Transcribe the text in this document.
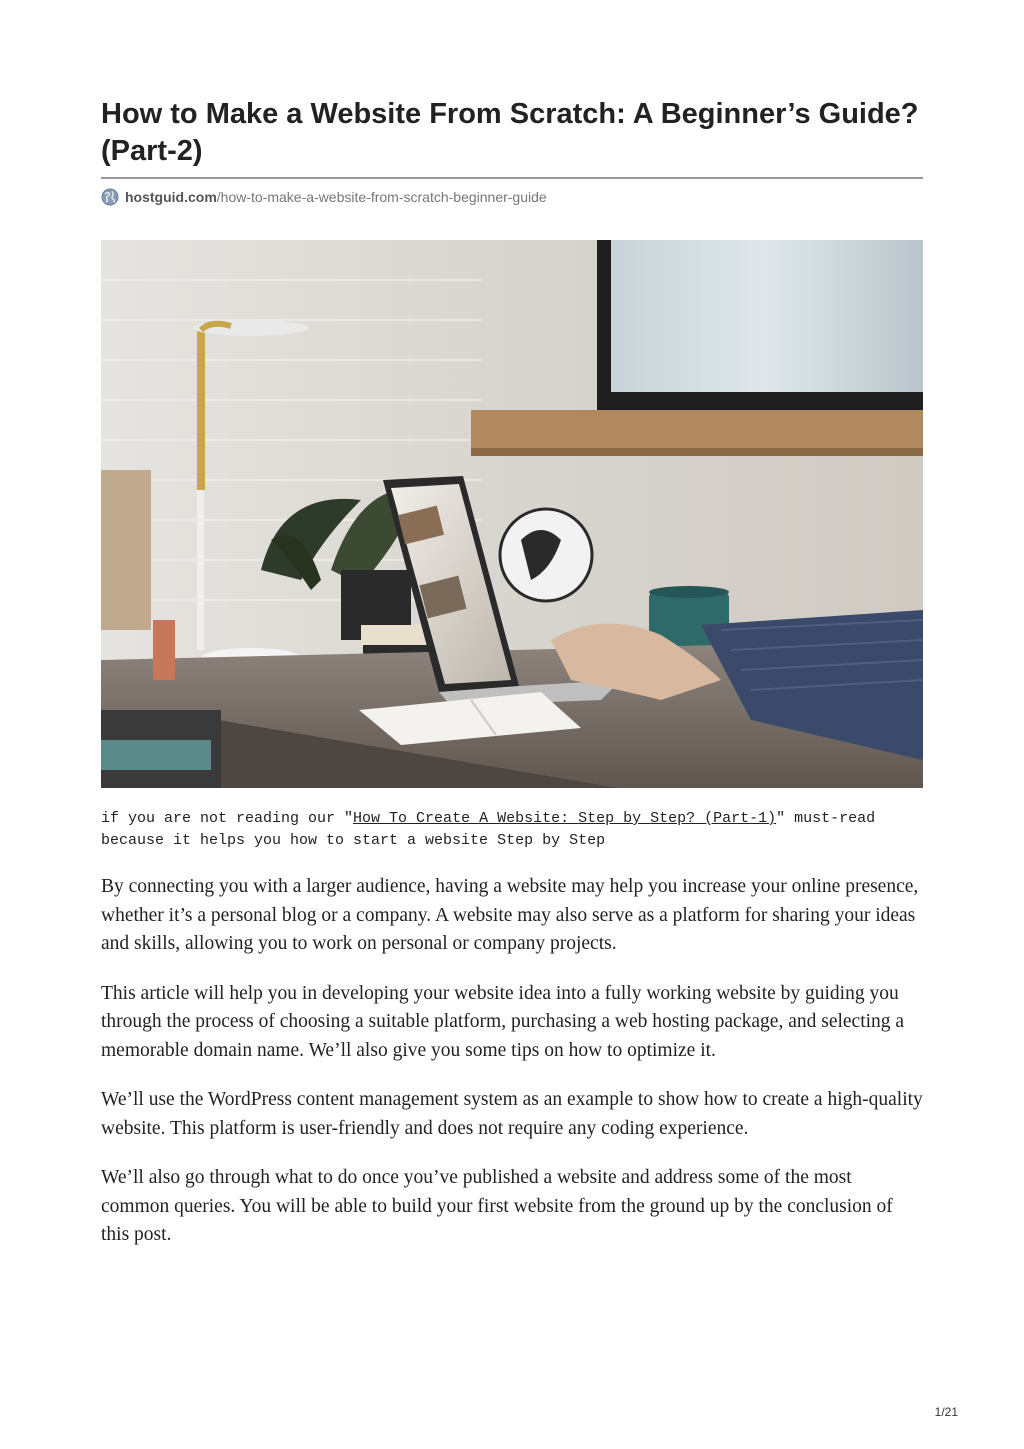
How to Make a Website From Scratch: A Beginner’s Guide? (Part-2)
hostguid.com /how-to-make-a-website-from-scratch-beginner-guide

if you are not reading our "How To Create A Website: Step by Step? (Part-1)" must-read because it helps you how to start a website Step by Step

By connecting you with a larger audience, having a website may help you increase your online presence, whether it’s a personal blog or a company. A website may also serve as a platform for sharing your ideas and skills, allowing you to work on personal or company projects.

This article will help you in developing your website idea into a fully working website by guiding you through the process of choosing a suitable platform, purchasing a web hosting package, and selecting a memorable domain name. We’ll also give you some tips on how to optimize it.

We’ll use the WordPress content management system as an example to show how to create a high-quality website. This platform is user-friendly and does not require any coding experience.

We’ll also go through what to do once you’ve published a website and address some of the most common queries. You will be able to build your first website from the ground up by the conclusion of this post.

1/21
